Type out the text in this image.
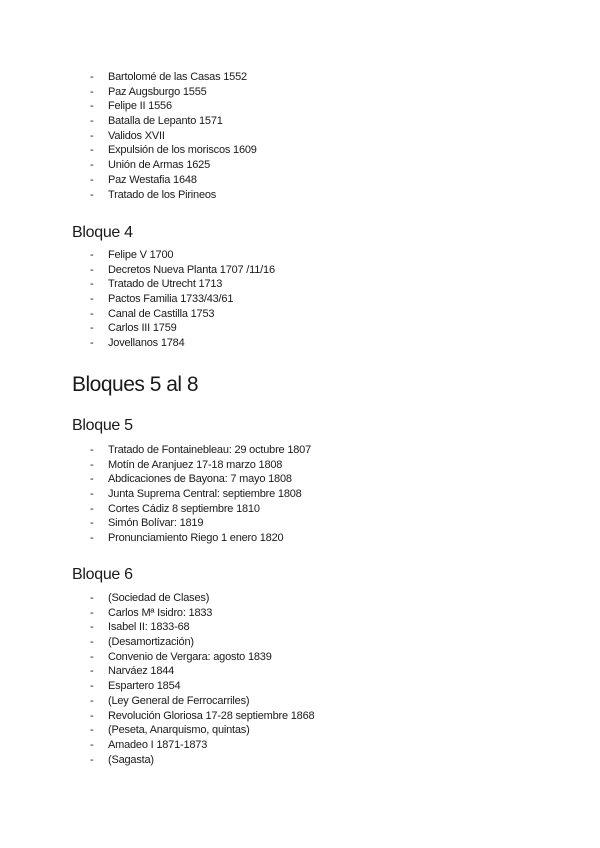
- Bartolomé de las Casas 1552
- Paz Augsburgo 1555
- Felipe II 1556
- Batalla de Lepanto 1571
- Validos XVII
- Expulsión de los moriscos 1609
- Unión de Armas 1625
- Paz Westafia 1648
- Tratado de los Pirineos
Bloque 4
- Felipe V 1700
- Decretos Nueva Planta 1707 /11/16
- Tratado de Utrecht 1713
- Pactos Familia 1733/43/61
- Canal de Castilla 1753
- Carlos III 1759
- Jovellanos 1784
Bloques 5 al 8
Bloque 5
- Tratado de Fontainebleau: 29 octubre 1807
- Motín de Aranjuez 17-18 marzo 1808
- Abdicaciones de Bayona: 7 mayo 1808
- Junta Suprema Central: septiembre 1808
- Cortes Cádiz 8 septiembre 1810
- Simón Bolívar: 1819
- Pronunciamiento Riego 1 enero 1820
Bloque 6
- (Sociedad de Clases)
- Carlos Mª Isidro: 1833
- Isabel II: 1833-68
- (Desamortización)
- Convenio de Vergara: agosto 1839
- Narváez 1844
- Espartero 1854
- (Ley General de Ferrocarriles)
- Revolución Gloriosa 17-28 septiembre 1868
- (Peseta, Anarquismo, quintas)
- Amadeo I 1871-1873
- (Sagasta)
